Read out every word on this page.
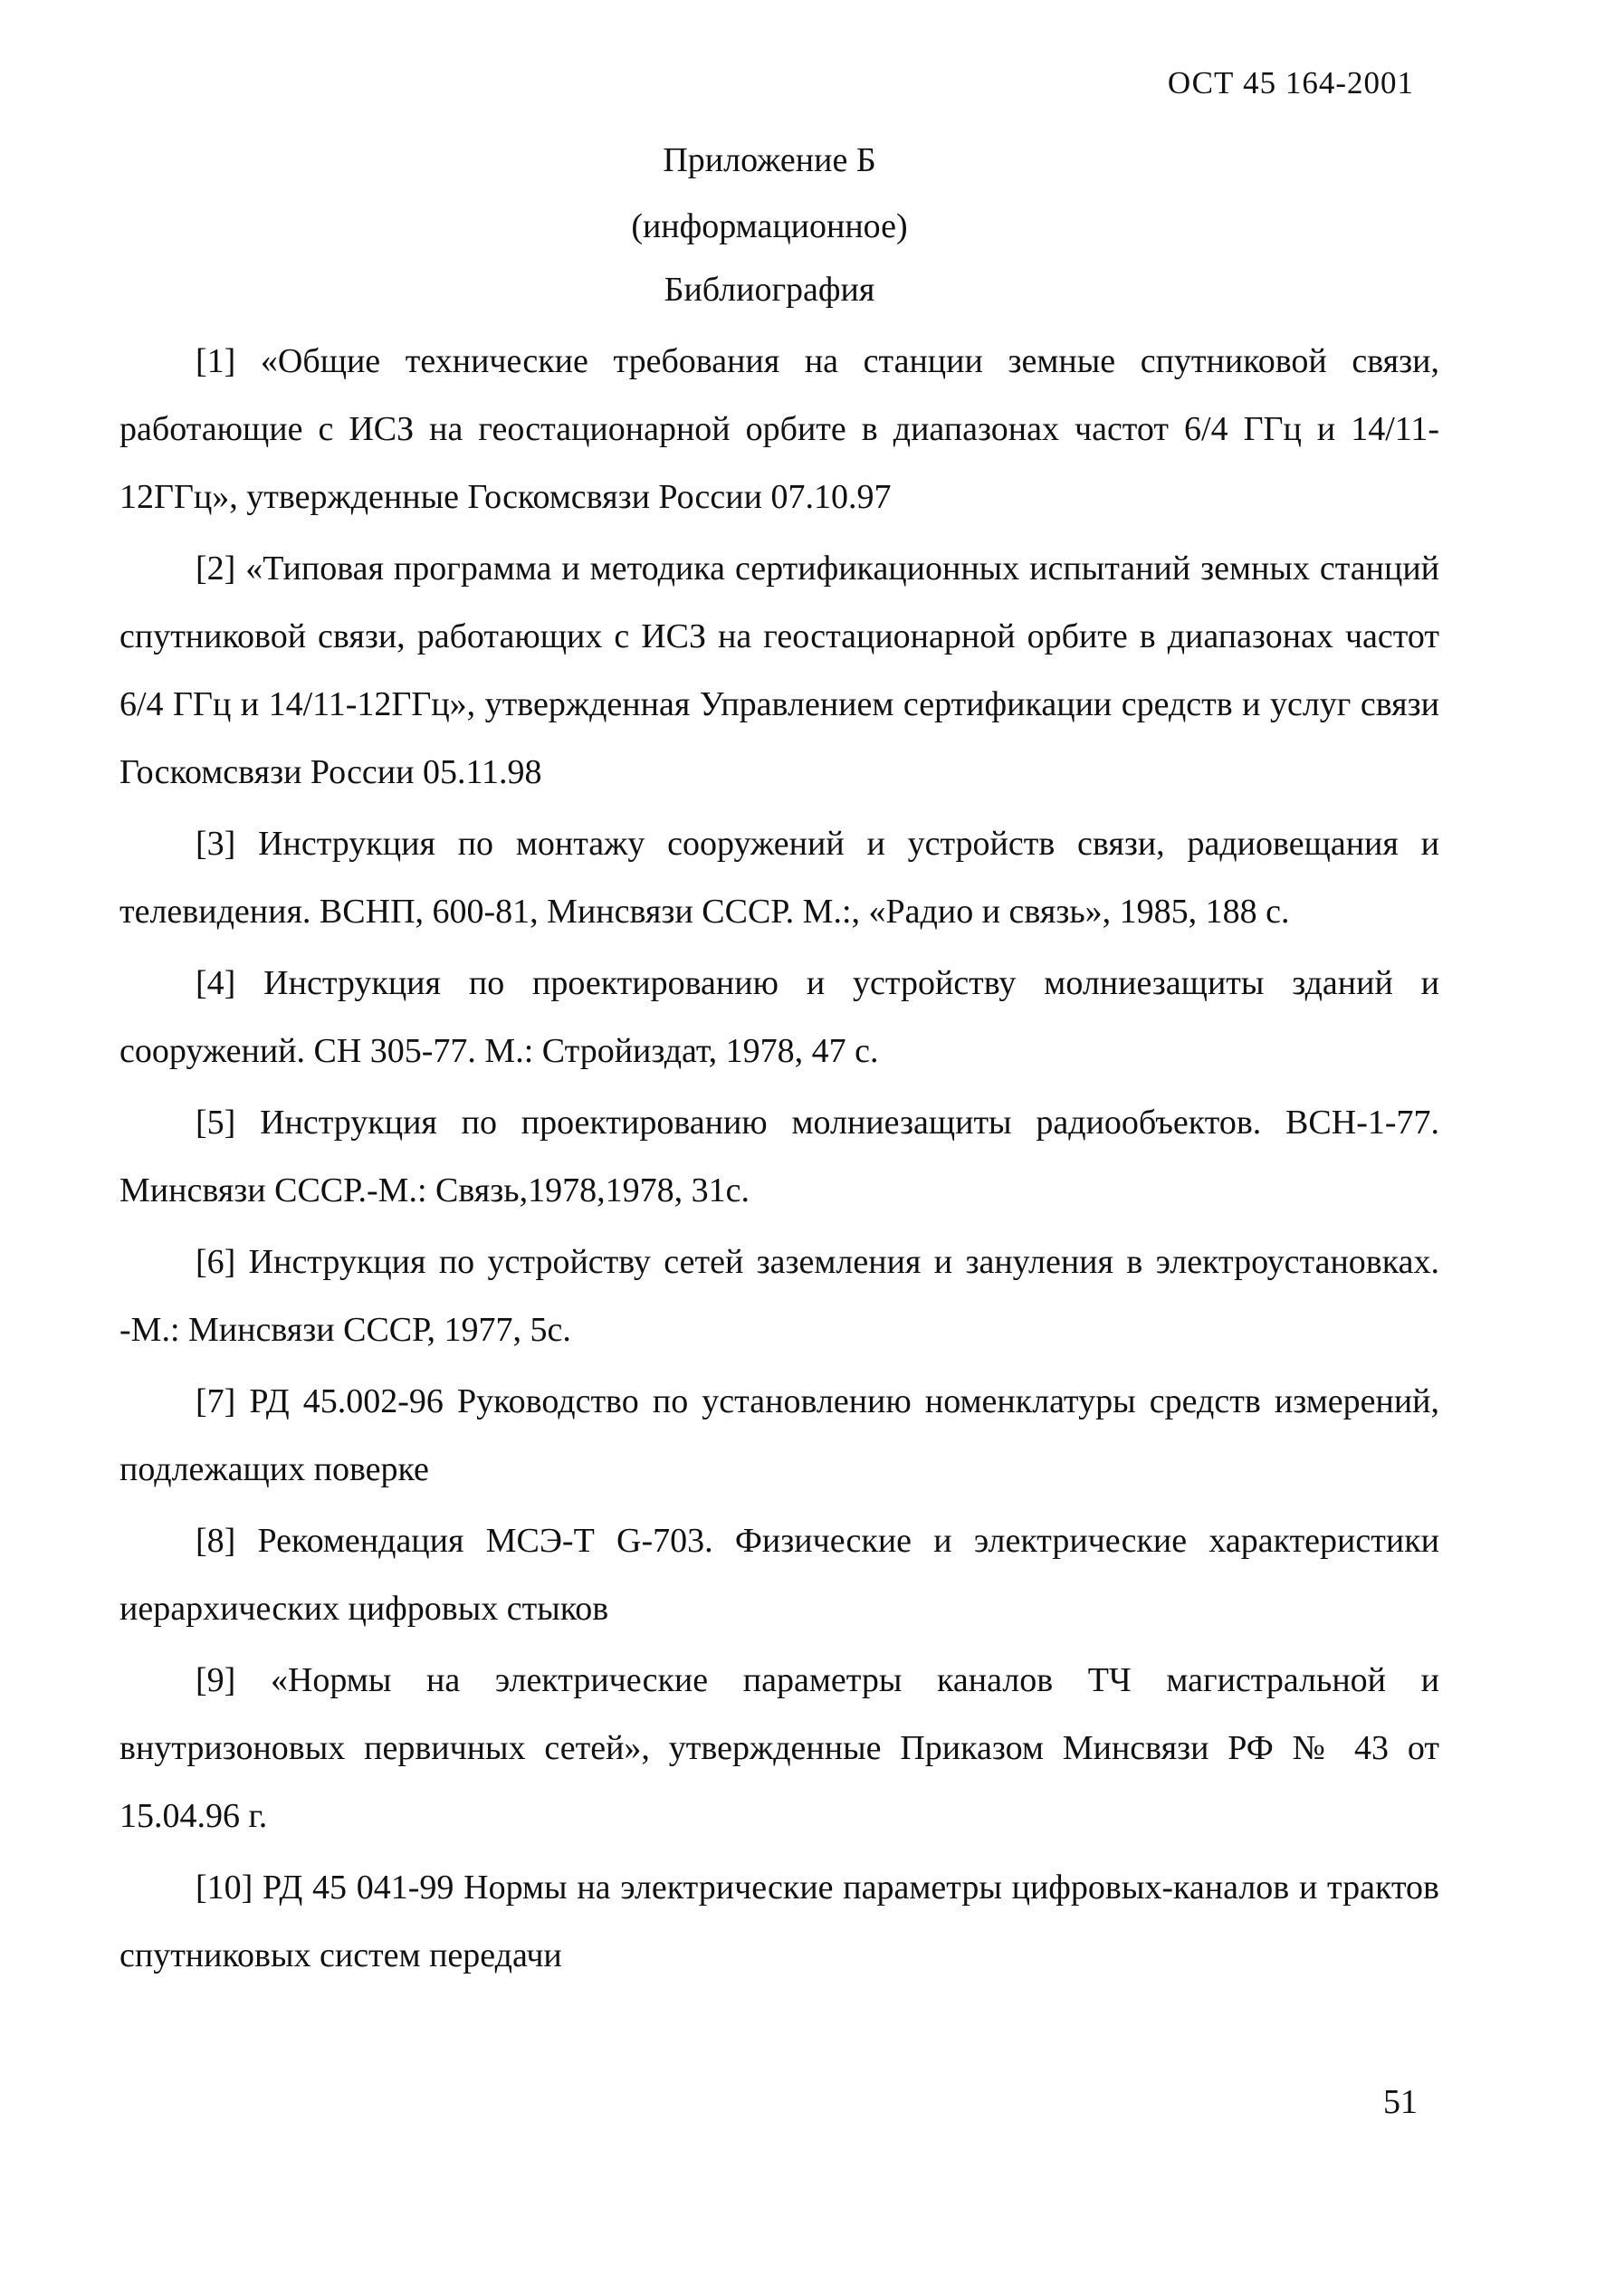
ОСТ 45 164-2001
Приложение Б
(информационное)
Библиография
[1] «Общие технические требования на станции земные спутниковой связи, работающие с ИСЗ на геостационарной орбите в диапазонах частот 6/4 ГГц и 14/11-12ГГц», утвержденные Госкомсвязи России 07.10.97
[2] «Типовая программа и методика сертификационных испытаний земных станций спутниковой связи, работающих с ИСЗ на геостационарной орбите в диапазонах частот 6/4 ГГц и 14/11-12ГГц», утвержденная Управлением сертификации средств и услуг связи Госкомсвязи России 05.11.98
[3] Инструкция по монтажу сооружений и устройств связи, радиовещания и телевидения. ВСНП, 600-81, Минсвязи СССР. М.:, «Радио и связь», 1985, 188 с.
[4] Инструкция по проектированию и устройству молниезащиты зданий и сооружений. СН 305-77. М.: Стройиздат, 1978, 47 с.
[5] Инструкция по проектированию молниезащиты радиообъектов. ВСН-1-77. Минсвязи СССР.-М.: Связь,1978,1978, 31с.
[6] Инструкция по устройству сетей заземления и зануления в электроустановках. -М.: Минсвязи СССР, 1977, 5с.
[7] РД 45.002-96 Руководство по установлению номенклатуры средств измерений, подлежащих поверке
[8] Рекомендация МСЭ-Т G-703. Физические и электрические характеристики иерархических цифровых стыков
[9] «Нормы на электрические параметры каналов ТЧ магистральной и внутризоновых первичных сетей», утвержденные Приказом Минсвязи РФ № 43 от 15.04.96 г.
[10] РД 45 041-99 Нормы на электрические параметры цифровых-каналов и трактов спутниковых систем передачи
51
